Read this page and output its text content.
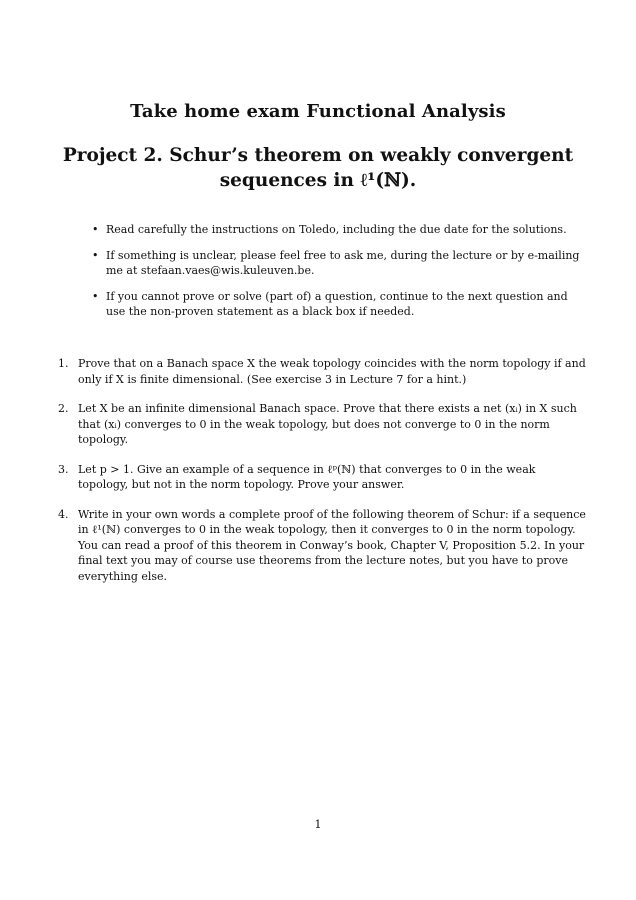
Take home exam Functional Analysis
Project 2. Schur’s theorem on weakly convergent
sequences in ℓ¹(ℕ).
• Read carefully the instructions on Toledo, including the due date for the solutions.
• If something is unclear, please feel free to ask me, during the lecture or by e-mailing me at stefaan.vaes@wis.kuleuven.be.
• If you cannot prove or solve (part of) a question, continue to the next question and use the non-proven statement as a black box if needed.
1. Prove that on a Banach space X the weak topology coincides with the norm topology if and only if X is finite dimensional. (See exercise 3 in Lecture 7 for a hint.)
2. Let X be an infinite dimensional Banach space. Prove that there exists a net (xᵢ) in X such that (xᵢ) converges to 0 in the weak topology, but does not converge to 0 in the norm topology.
3. Let p > 1. Give an example of a sequence in ℓᵖ(ℕ) that converges to 0 in the weak topology, but not in the norm topology. Prove your answer.
4. Write in your own words a complete proof of the following theorem of Schur: if a sequence in ℓ¹(ℕ) converges to 0 in the weak topology, then it converges to 0 in the norm topology. You can read a proof of this theorem in Conway’s book, Chapter V, Proposition 5.2. In your final text you may of course use theorems from the lecture notes, but you have to prove everything else.
1
